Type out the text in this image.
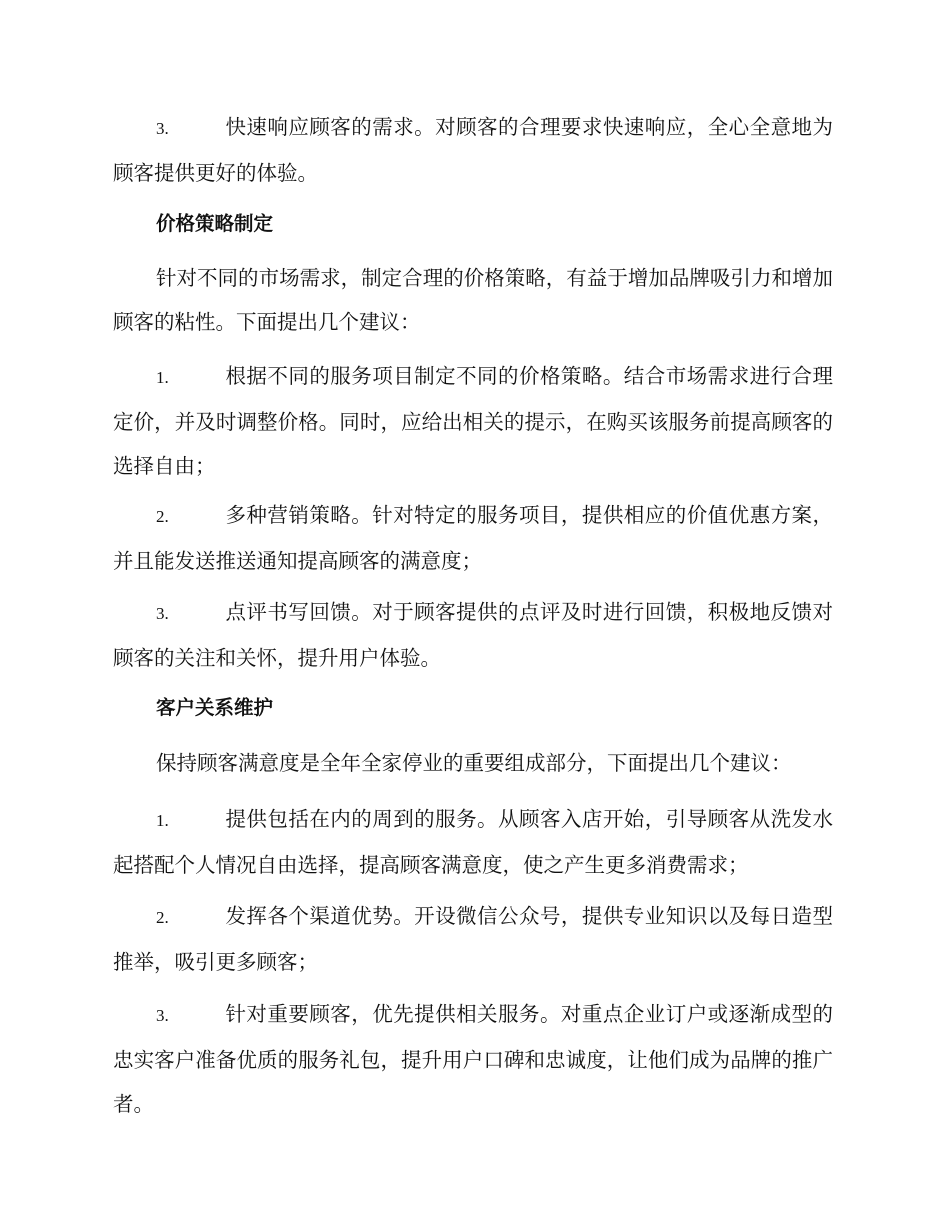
3.	快速响应顾客的需求。对顾客的合理要求快速响应，全心全意地为顾客提供更好的体验。

价格策略制定

针对不同的市场需求，制定合理的价格策略，有益于增加品牌吸引力和增加顾客的粘性。下面提出几个建议：

1.	根据不同的服务项目制定不同的价格策略。结合市场需求进行合理定价，并及时调整价格。同时，应给出相关的提示，在购买该服务前提高顾客的选择自由；

2.	多种营销策略。针对特定的服务项目，提供相应的价值优惠方案，并且能发送推送通知提高顾客的满意度；

3.	点评书写回馈。对于顾客提供的点评及时进行回馈，积极地反馈对顾客的关注和关怀，提升用户体验。

客户关系维护

保持顾客满意度是全年全家停业的重要组成部分，下面提出几个建议：

1.	提供包括在内的周到的服务。从顾客入店开始，引导顾客从洗发水起搭配个人情况自由选择，提高顾客满意度，使之产生更多消费需求；

2.	发挥各个渠道优势。开设微信公众号，提供专业知识以及每日造型推举，吸引更多顾客；

3.	针对重要顾客，优先提供相关服务。对重点企业订户或逐渐成型的忠实客户准备优质的服务礼包，提升用户口碑和忠诚度，让他们成为品牌的推广者。
